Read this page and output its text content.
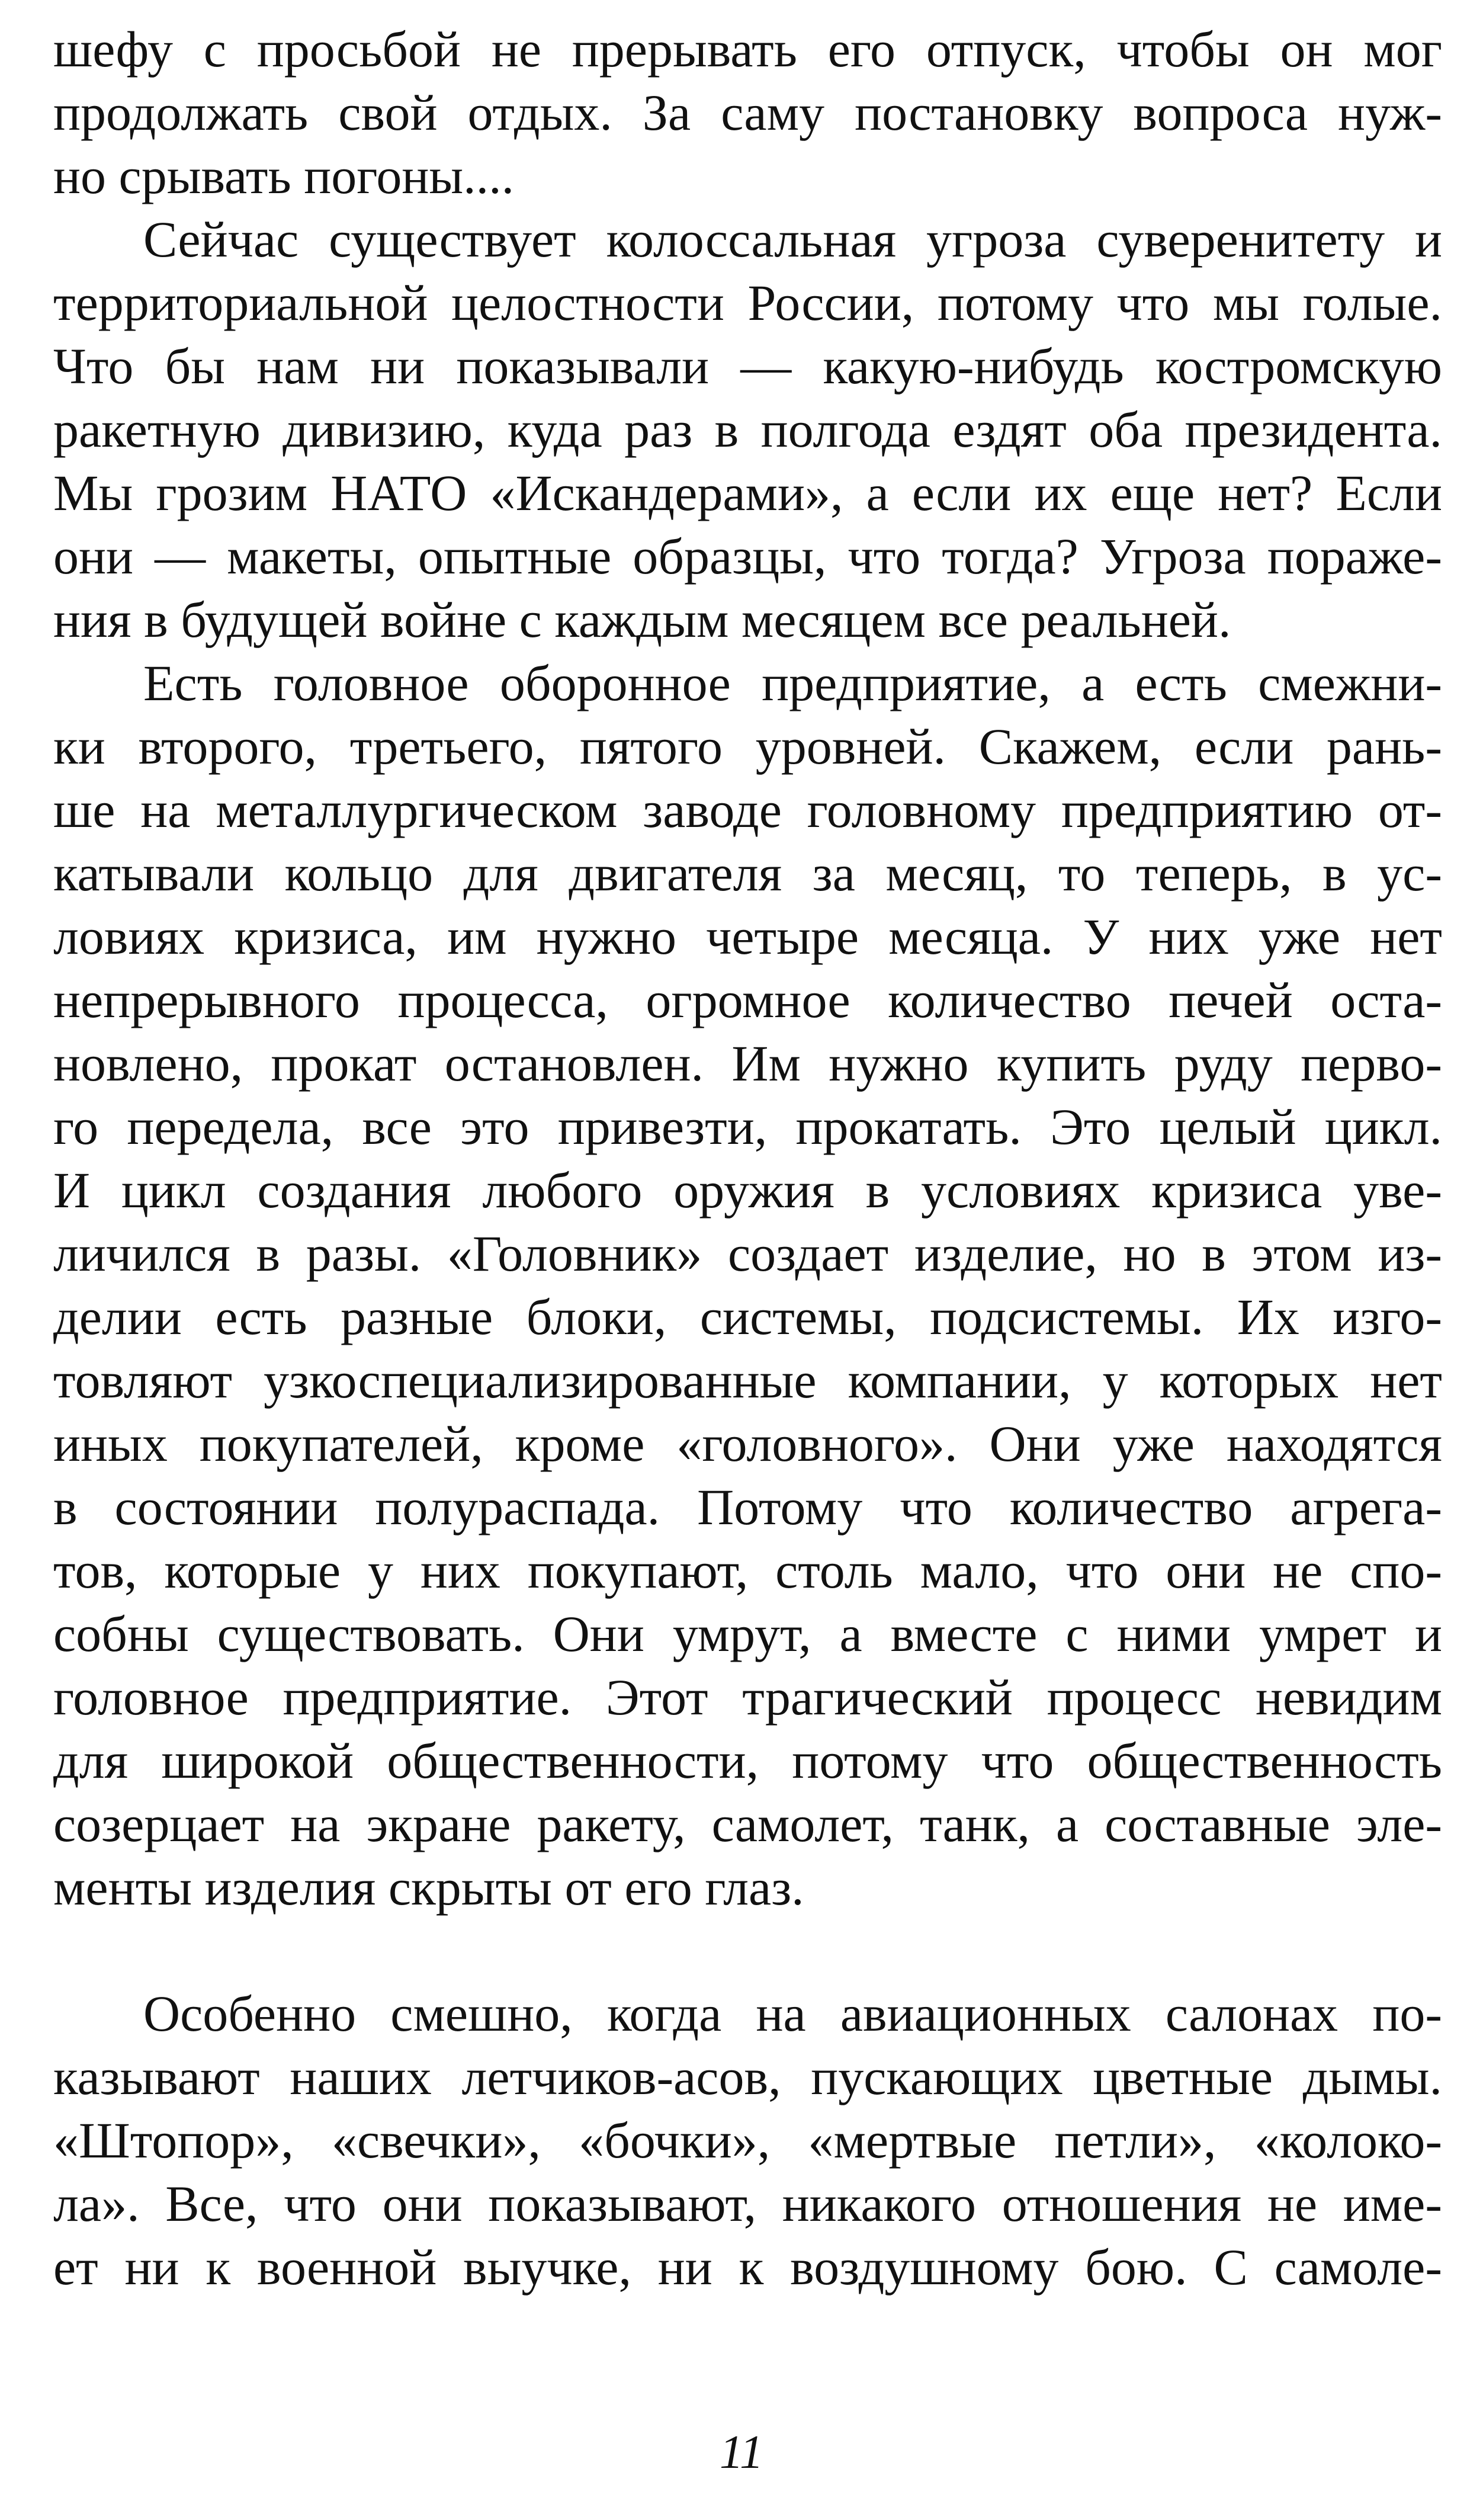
шефу с просьбой не прерывать его отпуск, чтобы он мог
продолжать свой отдых. За саму постановку вопроса нуж-
но срывать погоны....
Сейчас существует колоссальная угроза суверенитету и
территориальной целостности России, потому что мы голые.
Что бы нам ни показывали — какую-нибудь костромскую
ракетную дивизию, куда раз в полгода ездят оба президента.
Мы грозим НАТО «Искандерами», а если их еще нет? Если
они — макеты, опытные образцы, что тогда? Угроза пораже-
ния в будущей войне с каждым месяцем все реальней.
Есть головное оборонное предприятие, а есть смежни-
ки второго, третьего, пятого уровней. Скажем, если рань-
ше на металлургическом заводе головному предприятию от-
катывали кольцо для двигателя за месяц, то теперь, в ус-
ловиях кризиса, им нужно четыре месяца. У них уже нет
непрерывного процесса, огромное количество печей оста-
новлено, прокат остановлен. Им нужно купить руду перво-
го передела, все это привезти, прокатать. Это целый цикл.
И цикл создания любого оружия в условиях кризиса уве-
личился в разы. «Головник» создает изделие, но в этом из-
делии есть разные блоки, системы, подсистемы. Их изго-
товляют узкоспециализированные компании, у которых нет
иных покупателей, кроме «головного». Они уже находятся
в состоянии полураспада. Потому что количество агрега-
тов, которые у них покупают, столь мало, что они не спо-
собны существовать. Они умрут, а вместе с ними умрет и
головное предприятие. Этот трагический процесс невидим
для широкой общественности, потому что общественность
созерцает на экране ракету, самолет, танк, а составные эле-
менты изделия скрыты от его глаз.
Особенно смешно, когда на авиационных салонах по-
казывают наших летчиков-асов, пускающих цветные дымы.
«Штопор», «свечки», «бочки», «мертвые петли», «колоко-
ла». Все, что они показывают, никакого отношения не име-
ет ни к военной выучке, ни к воздушному бою. С самоле-
11
